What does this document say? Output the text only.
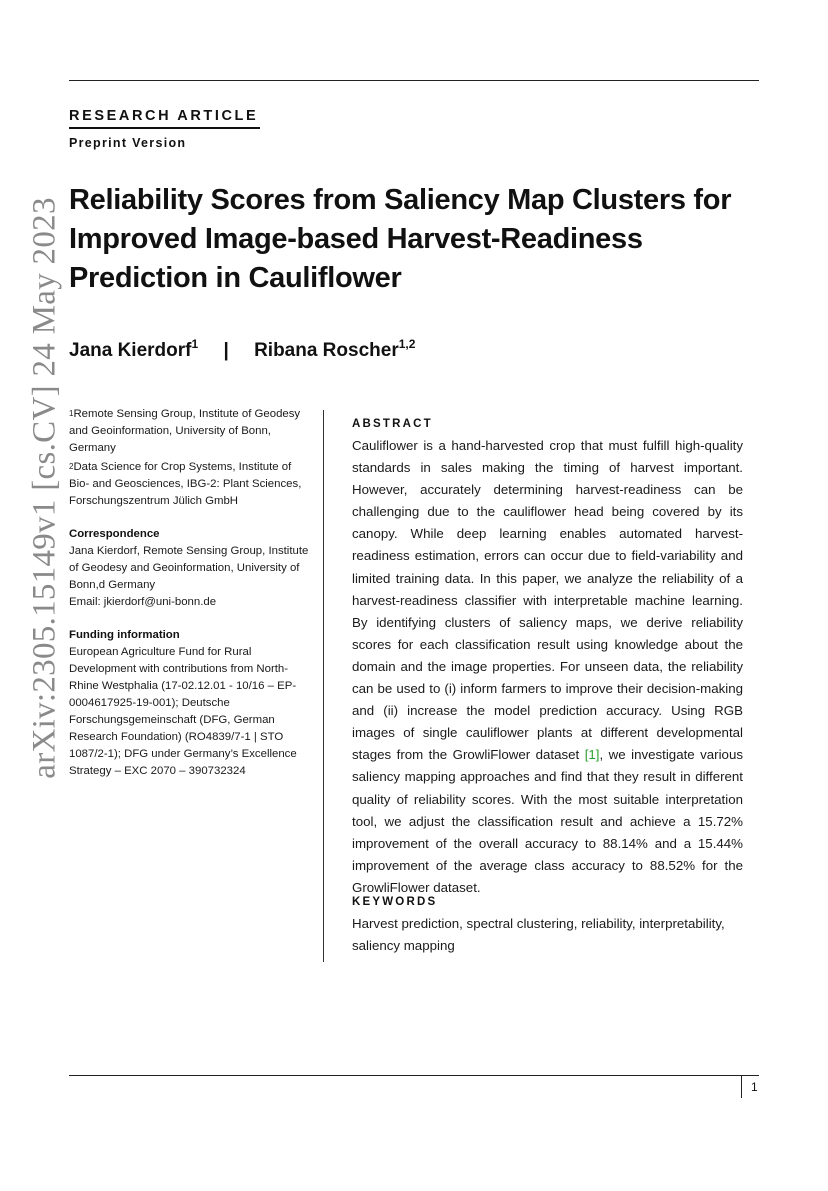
arXiv:2305.15149v1 [cs.CV] 24 May 2023
RESEARCH ARTICLE
Preprint Version
Reliability Scores from Saliency Map Clusters for Improved Image-based Harvest-Readiness Prediction in Cauliflower
Jana Kierdorf$^1$ | Ribana Roscher$^{1,2}$

$^1$Remote Sensing Group, Institute of Geodesy and Geoinformation, University of Bonn, Germany

$^2$Data Science for Crop Systems, Institute of Bio- and Geosciences, IBG-2: Plant Sciences, Forschungszentrum Jülich GmbH

Correspondence

Jana Kierdorf, Remote Sensing Group, Institute of Geodesy and Geoinformation, University of Bonn,d Germany

Email: jkierdorf@uni-bonn.de

Funding information

European Agriculture Fund for Rural Development with contributions from North-Rhine Westphalia (17-02.12.01 - 10/16 – EP- 0004617925-19-001); Deutsche Forschungsgemeinschaft (DFG, German Research Foundation) (RO4839/7-1 | STO 1087/2-1); DFG under Germany’s Excellence Strategy – EXC 2070 – 390732324

ABSTRACT
Cauliflower is a hand-harvested crop that must fulfill high-quality standards in sales making the timing of harvest important. However, accurately determining harvest-readiness can be challenging due to the cauliflower head being covered by its canopy. While deep learning enables automated harvest-readiness estimation, errors can occur due to field-variability and limited training data. In this paper, we analyze the reliability of a harvest-readiness classifier with interpretable machine learning. By identifying clusters of saliency maps, we derive reliability scores for each classification result using knowledge about the domain and the image properties. For unseen data, the reliability can be used to (i) inform farmers to improve their decision-making and (ii) increase the model prediction accuracy. Using RGB images of single cauliflower plants at different developmental stages from the GrowliFlower dataset [1], we investigate various saliency mapping approaches and find that they result in different quality of reliability scores. With the most suitable interpretation tool, we adjust the classification result and achieve a 15.72% improvement of the overall accuracy to 88.14% and a 15.44% improvement of the average class accuracy to 88.52% for the GrowliFlower dataset.
KEYWORDS
Harvest prediction, spectral clustering, reliability, interpretability, saliency mapping
1
